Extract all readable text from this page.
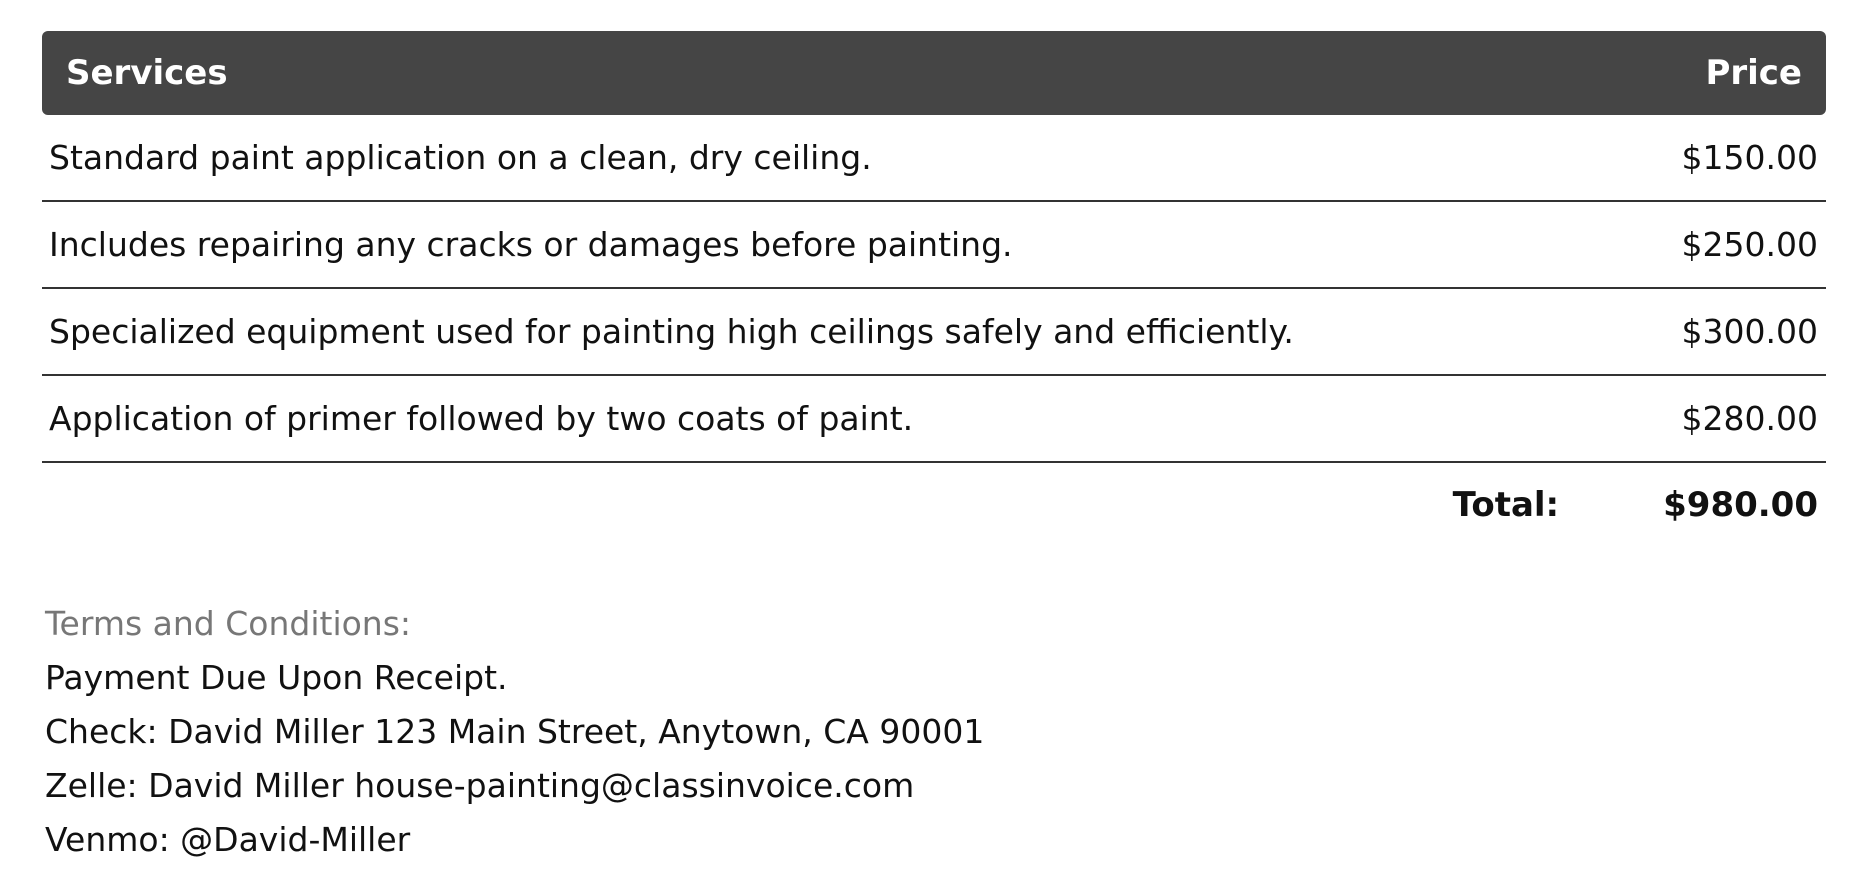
Services	Price
Standard paint application on a clean, dry ceiling.	$150.00
Includes repairing any cracks or damages before painting.	$250.00
Specialized equipment used for painting high ceilings safely and efficiently.	$300.00
Application of primer followed by two coats of paint.	$280.00
Total:	$980.00
Terms and Conditions:
Payment Due Upon Receipt.
Check: David Miller 123 Main Street, Anytown, CA 90001
Zelle: David Miller house-painting@classinvoice.com
Venmo: @David-Miller
